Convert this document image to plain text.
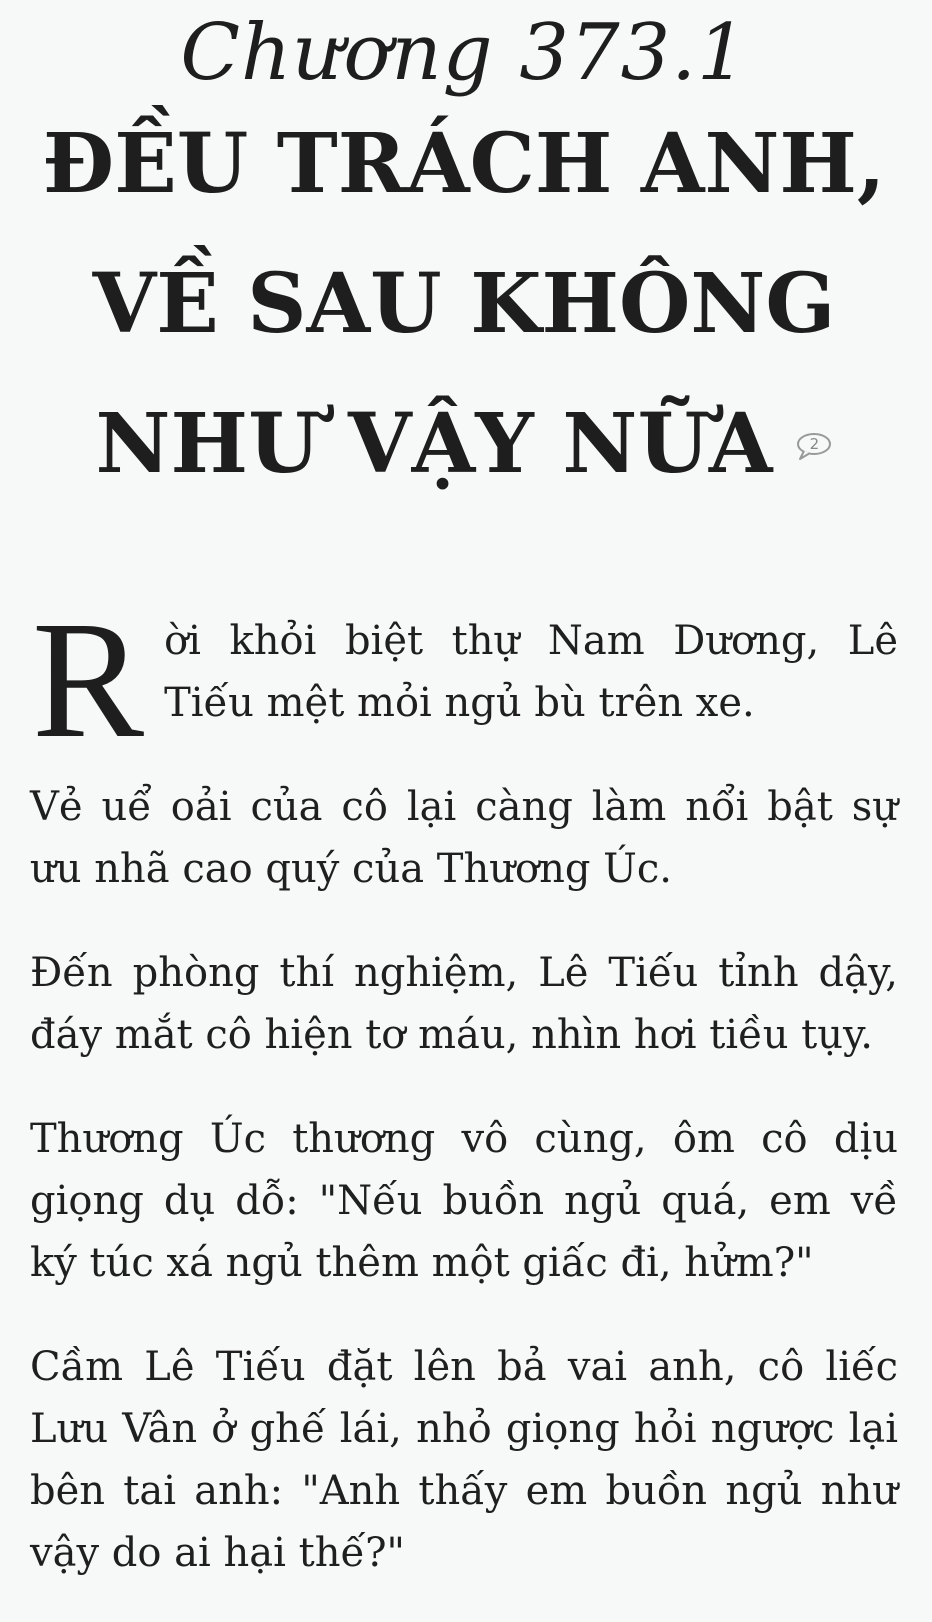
Chương 373.1
ĐỀU TRÁCH ANH,
VỀ SAU KHÔNG
NHƯ VẬY NỮA	2

R ời khỏi biệt thự Nam Dương, Lê Tiếu mệt mỏi ngủ bù trên xe.

Vẻ uể oải của cô lại càng làm nổi bật sự ưu nhã cao quý của Thương Úc.

Đến phòng thí nghiệm, Lê Tiếu tỉnh dậy, đáy mắt cô hiện tơ máu, nhìn hơi tiều tụy.

Thương Úc thương vô cùng, ôm cô dịu giọng dụ dỗ: "Nếu buồn ngủ quá, em về ký túc xá ngủ thêm một giấc đi, hửm?"

Cầm Lê Tiếu đặt lên bả vai anh, cô liếc Lưu Vân ở ghế lái, nhỏ giọng hỏi ngược lại bên tai anh: "Anh thấy em buồn ngủ như vậy do ai hại thế?"
